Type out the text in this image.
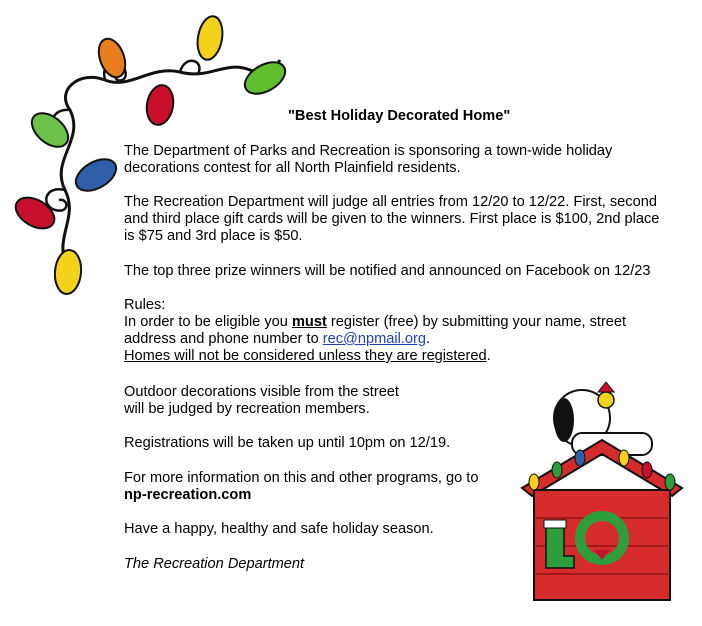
"Best Holiday Decorated Home"

The Department of Parks and Recreation is sponsoring a town-wide holiday
decorations contest for all North Plainfield residents.

The Recreation Department will judge all entries from 12/20 to 12/22. First, second
and third place gift cards will be given to the winners. First place is $100, 2nd place
is $75 and 3rd place is $50.

The top three prize winners will be notified and announced on Facebook on 12/23

Rules:
In order to be eligible you must register (free) by submitting your name, street
address and phone number to rec@npmail.org.
Homes will not be considered unless they are registered.

Outdoor decorations visible from the street
will be judged by recreation members.

Registrations will be taken up until 10pm on 12/19.

For more information on this and other programs, go to
np-recreation.com

Have a happy, healthy and safe holiday season.

The Recreation Department
